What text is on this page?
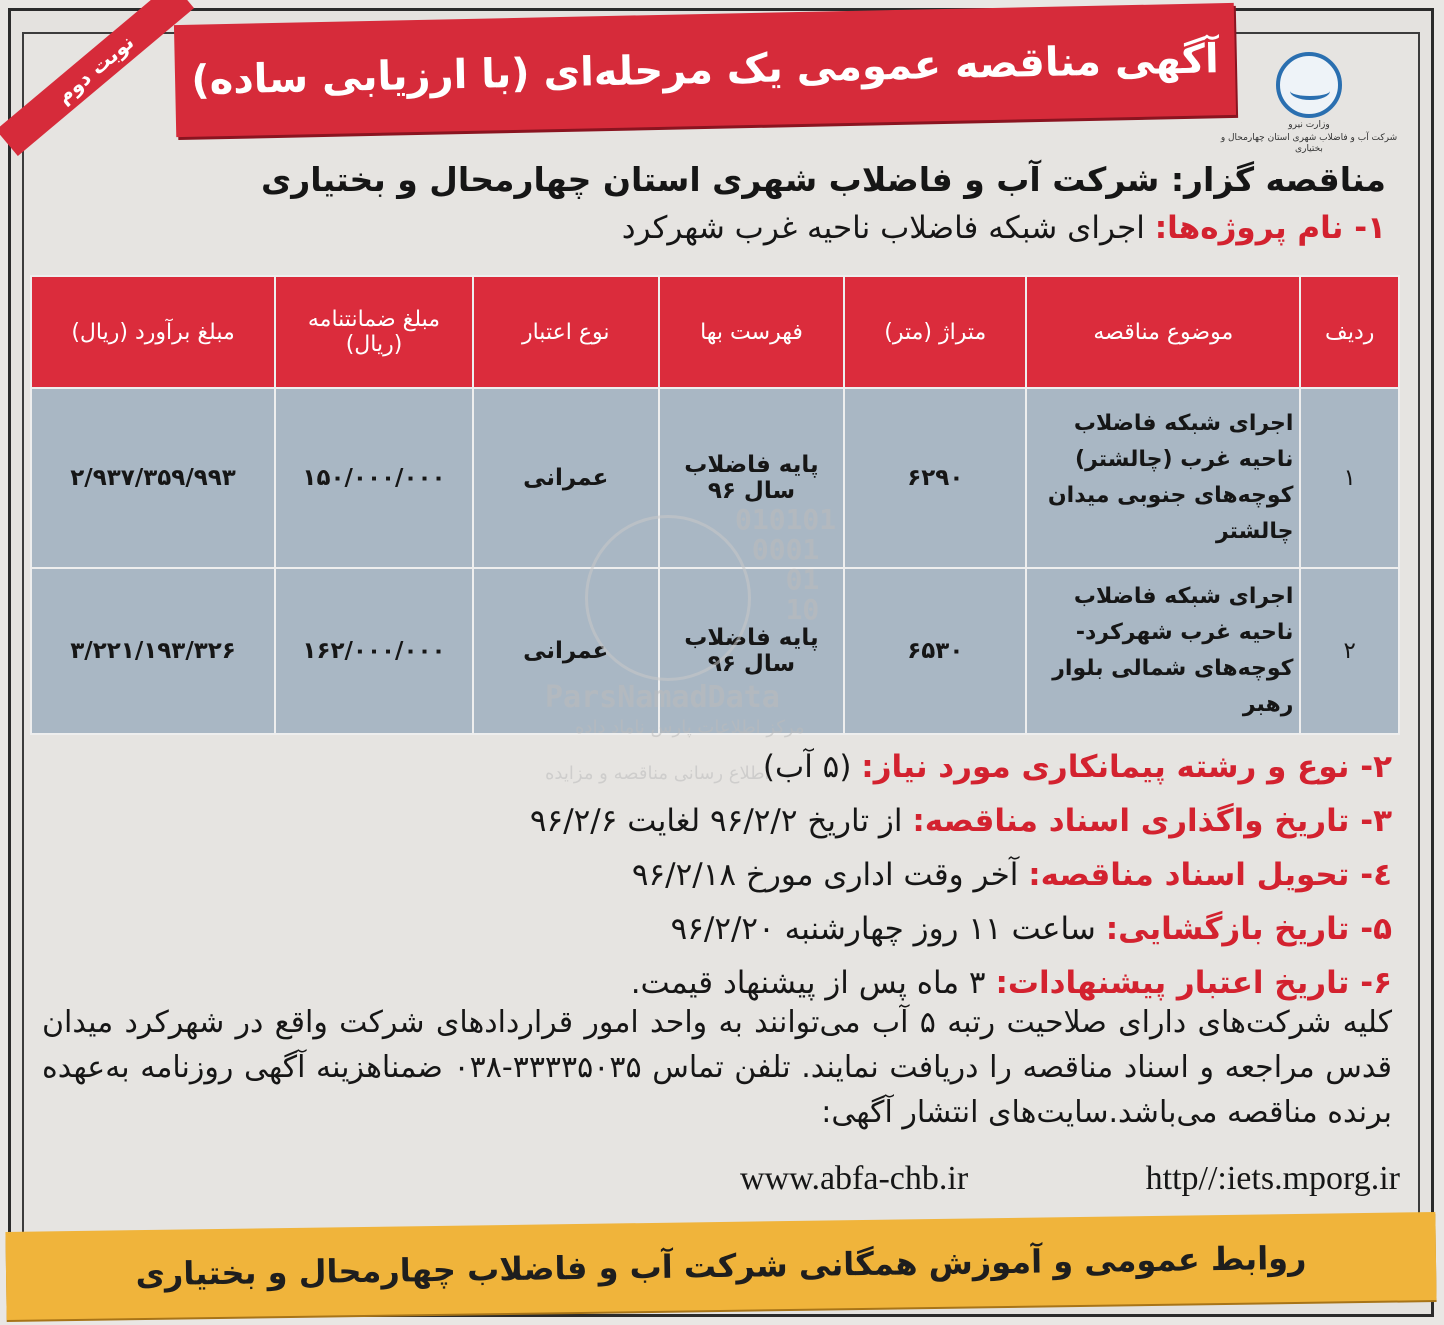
نوبت دوم	آگهی مناقصه عمومی یک مرحله‌ای (با ارزیابی ساده)
وزارت نیرو
شرکت آب و فاضلاب شهری استان چهارمحال و بختیاری
مناقصه گزار: شرکت آب و فاضلاب شهری استان چهارمحال و بختیاری
۱- نام پروژه‌ها: اجرای شبکه فاضلاب ناحیه غرب شهرکرد
ردیف	موضوع مناقصه	متراژ (متر)	فهرست بها	نوع اعتبار	مبلغ ضمانتنامه (ریال)	مبلغ برآورد (ریال)
۱	اجرای شبکه فاضلاب ناحیه غرب (چالشتر) کوچه‌های جنوبی میدان چالشتر	۶۲۹۰	پایه فاضلاب سال ۹۶	عمرانی	۱۵۰/۰۰۰/۰۰۰	۲/۹۳۷/۳۵۹/۹۹۳
۲	اجرای شبکه فاضلاب ناحیه غرب شهرکرد- کوچه‌های شمالی بلوار رهبر	۶۵۳۰	پایه فاضلاب سال ۹۶	عمرانی	۱۶۲/۰۰۰/۰۰۰	۳/۲۲۱/۱۹۳/۳۲۶
010101
0001
01
10
ParsNamadData
مرکز اطلاعات پارس ناماد داده
اطلاع رسانی مناقصه و مزایده	۲- نوع و رشته پیمانکاری مورد نیاز: (۵ آب)
۳- تاریخ واگذاری اسناد مناقصه: از تاریخ ۹۶/۲/۲ لغایت ۹۶/۲/۶
٤- تحویل اسناد مناقصه: آخر وقت اداری مورخ ۹۶/۲/۱۸
۵- تاریخ بازگشایی: ساعت ۱۱ روز چهارشنبه ۹۶/۲/۲۰
۶- تاریخ اعتبار پیشنهادات: ۳ ماه پس از پیشنهاد قیمت.
کلیه شرکت‌های دارای صلاحیت رتبه ۵ آب می‌توانند به واحد امور قراردادهای شرکت واقع در شهرکرد میدان قدس مراجعه و اسناد مناقصه را دریافت نمایند. تلفن تماس ۳۳۳۳۵۰۳۵-۰۳۸ ضمناهزینه آگهی روزنامه به‌عهده برنده مناقصه می‌باشد.سایت‌های انتشار آگهی:
www.abfa-chb.ir	http//:iets.mporg.ir
روابط عمومی و آموزش همگانی شرکت آب و فاضلاب چهارمحال و بختیاری
